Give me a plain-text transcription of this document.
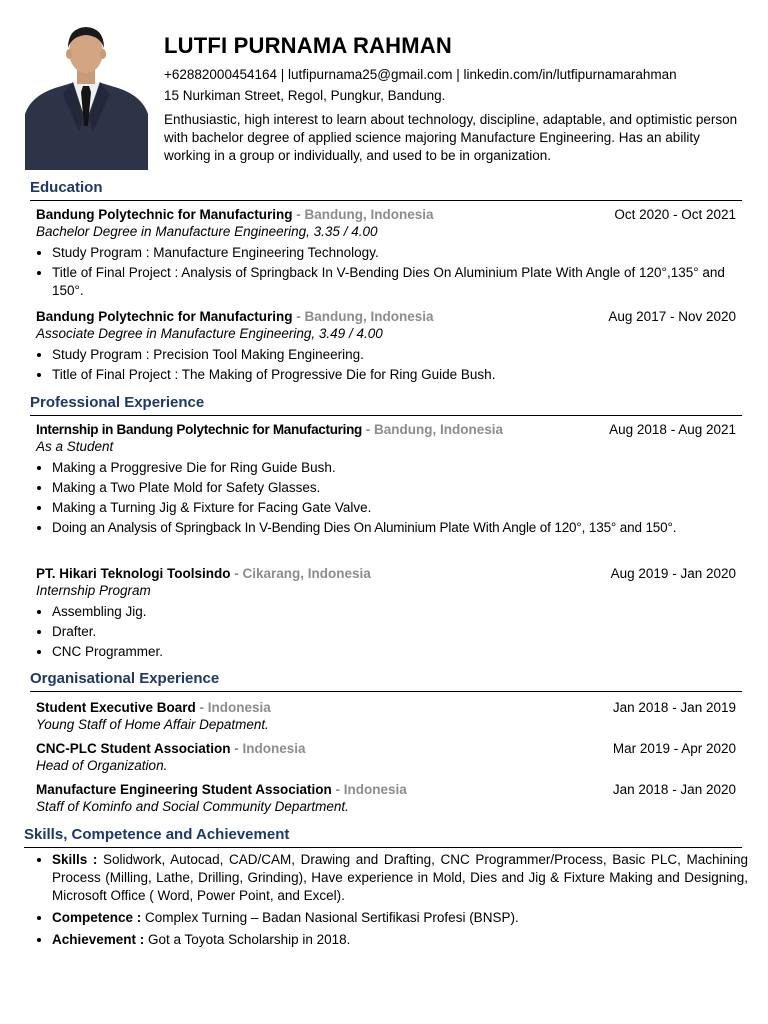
LUTFI PURNAMA RAHMAN
+62882000454164 | lutfipurnama25@gmail.com | linkedin.com/in/lutfipurnamarahman
15 Nurkiman Street, Regol, Pungkur, Bandung.
Enthusiastic, high interest to learn about technology, discipline, adaptable, and optimistic person with bachelor degree of applied science majoring Manufacture Engineering. Has an ability working in a group or individually, and used to be in organization.
Education
Bandung Polytechnic for Manufacturing - Bandung, Indonesia	Oct 2020 - Oct 2021
Bachelor Degree in Manufacture Engineering, 3.35 / 4.00
• Study Program : Manufacture Engineering Technology.
• Title of Final Project : Analysis of Springback In V-Bending Dies On Aluminium Plate With Angle of 120°,135° and 150°.
Bandung Polytechnic for Manufacturing - Bandung, Indonesia	Aug 2017 - Nov 2020
Associate Degree in Manufacture Engineering, 3.49 / 4.00
• Study Program : Precision Tool Making Engineering.
• Title of Final Project : The Making of Progressive Die for Ring Guide Bush.
Professional Experience
Internship in Bandung Polytechnic for Manufacturing - Bandung, Indonesia	Aug 2018 - Aug 2021
As a Student
• Making a Proggresive Die for Ring Guide Bush.
• Making a Two Plate Mold for Safety Glasses.
• Making a Turning Jig & Fixture for Facing Gate Valve.
• Doing an Analysis of Springback In V-Bending Dies On Aluminium Plate With Angle of 120°, 135° and 150°.
PT. Hikari Teknologi Toolsindo - Cikarang, Indonesia	Aug 2019 - Jan 2020
Internship Program
• Assembling Jig.
• Drafter.
• CNC Programmer.
Organisational Experience
Student Executive Board - Indonesia	Jan 2018 - Jan 2019
Young Staff of Home Affair Depatment.
CNC-PLC Student Association - Indonesia	Mar 2019 - Apr 2020
Head of Organization.
Manufacture Engineering Student Association - Indonesia	Jan 2018 - Jan 2020
Staff of Kominfo and Social Community Department.
Skills, Competence and Achievement
• Skills : Solidwork, Autocad, CAD/CAM, Drawing and Drafting, CNC Programmer/Process, Basic PLC, Machining Process (Milling, Lathe, Drilling, Grinding), Have experience in Mold, Dies and Jig & Fixture Making and Designing, Microsoft Office ( Word, Power Point, and Excel).
• Competence : Complex Turning – Badan Nasional Sertifikasi Profesi (BNSP).
• Achievement : Got a Toyota Scholarship in 2018.
